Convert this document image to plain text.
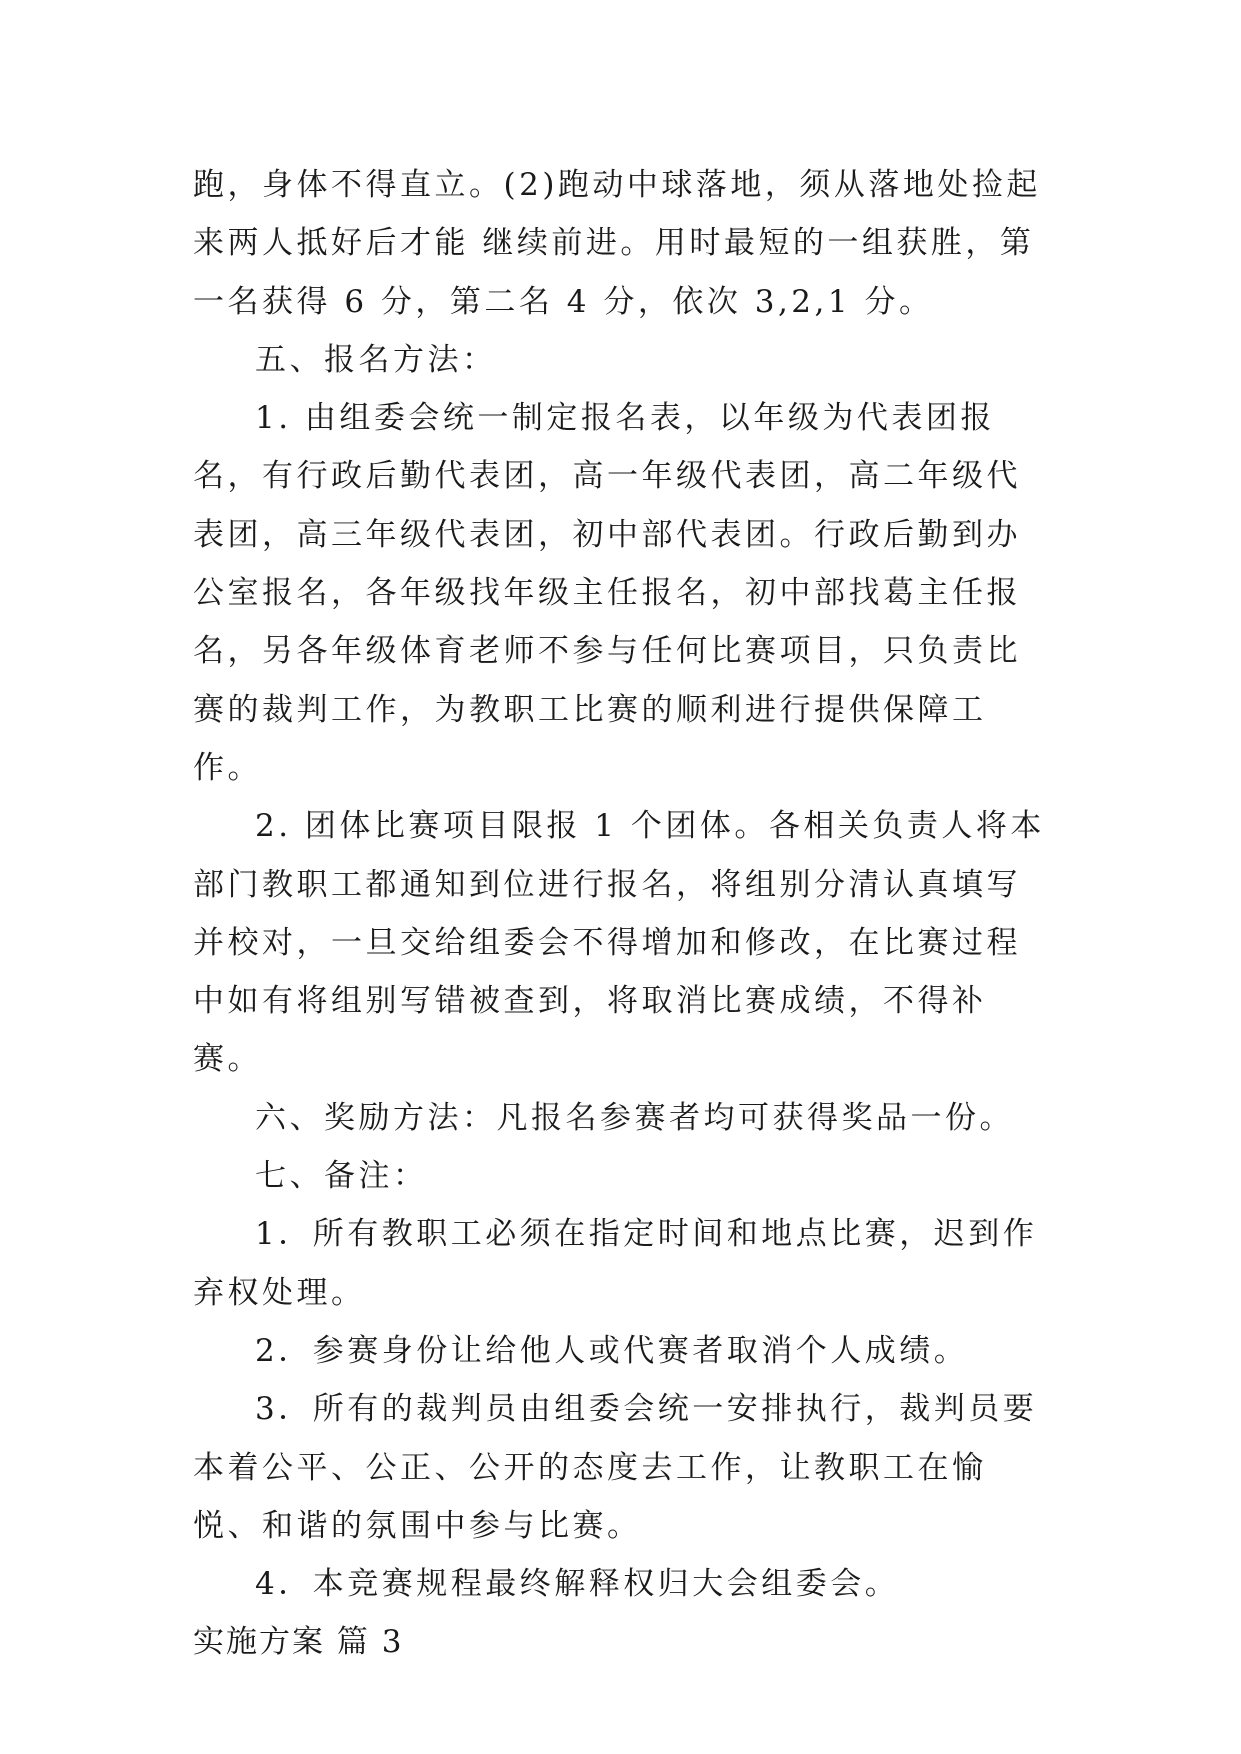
跑，身体不得直立。(2)跑动中球落地，须从落地处捡起来两人抵好后才能 继续前进。用时最短的一组获胜，第一名获得 6 分，第二名 4 分，依次 3,2,1 分。

五、报名方法：

1. 由组委会统一制定报名表，以年级为代表团报名，有行政后勤代表团，高一年级代表团，高二年级代表团，高三年级代表团，初中部代表团。行政后勤到办公室报名，各年级找年级主任报名，初中部找葛主任报名，另各年级体育老师不参与任何比赛项目，只负责比赛的裁判工作，为教职工比赛的顺利进行提供保障工作。

2. 团体比赛项目限报 1 个团体。各相关负责人将本部门教职工都通知到位进行报名，将组别分清认真填写并校对，一旦交给组委会不得增加和修改，在比赛过程中如有将组别写错被查到，将取消比赛成绩，不得补赛。

六、奖励方法：凡报名参赛者均可获得奖品一份。

七、备注：

1．所有教职工必须在指定时间和地点比赛，迟到作弃权处理。

2．参赛身份让给他人或代赛者取消个人成绩。

3．所有的裁判员由组委会统一安排执行，裁判员要本着公平、公正、公开的态度去工作，让教职工在愉悦、和谐的氛围中参与比赛。

4．本竞赛规程最终解释权归大会组委会。

实施方案 篇 3
